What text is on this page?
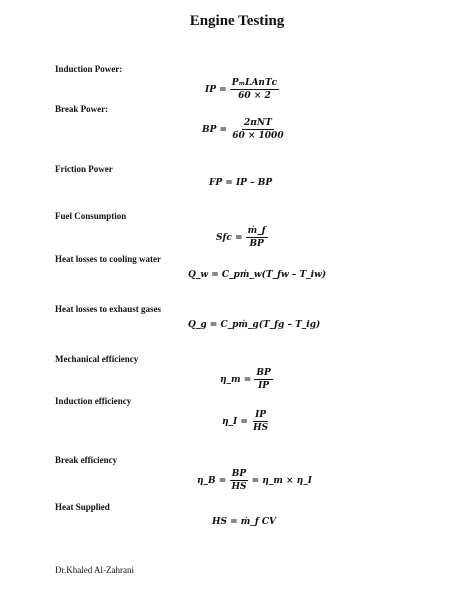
Engine Testing
Induction Power:
IP = $\frac{\text{PₘLAnTᴄ}}{60 \times 2}$
Break Power:
BP = $\frac{\text{2πNT}}{60 \times 1000}$
Friction Power
FP = IP – BP
Fuel Consumption
Sfc = $\frac{\text{ṁ\_f}}{BP}$
Heat losses to cooling water
Q_w = C_pṁ_w(T_fw – T_iw)
Heat losses to exhaust gases
Q_g = C_pṁ_g(T_fg – T_ig)
Mechanical efficiency
η_m = $\frac{BP}{IP}$
Induction efficiency
η_I = $\frac{IP}{HS}$
Break efficiency
η_B = $\frac{BP}{HS}$ = η_m × η_I
Heat Supplied
HS = ṁ_f CV
Dr.Khaled Al-Zahrani
